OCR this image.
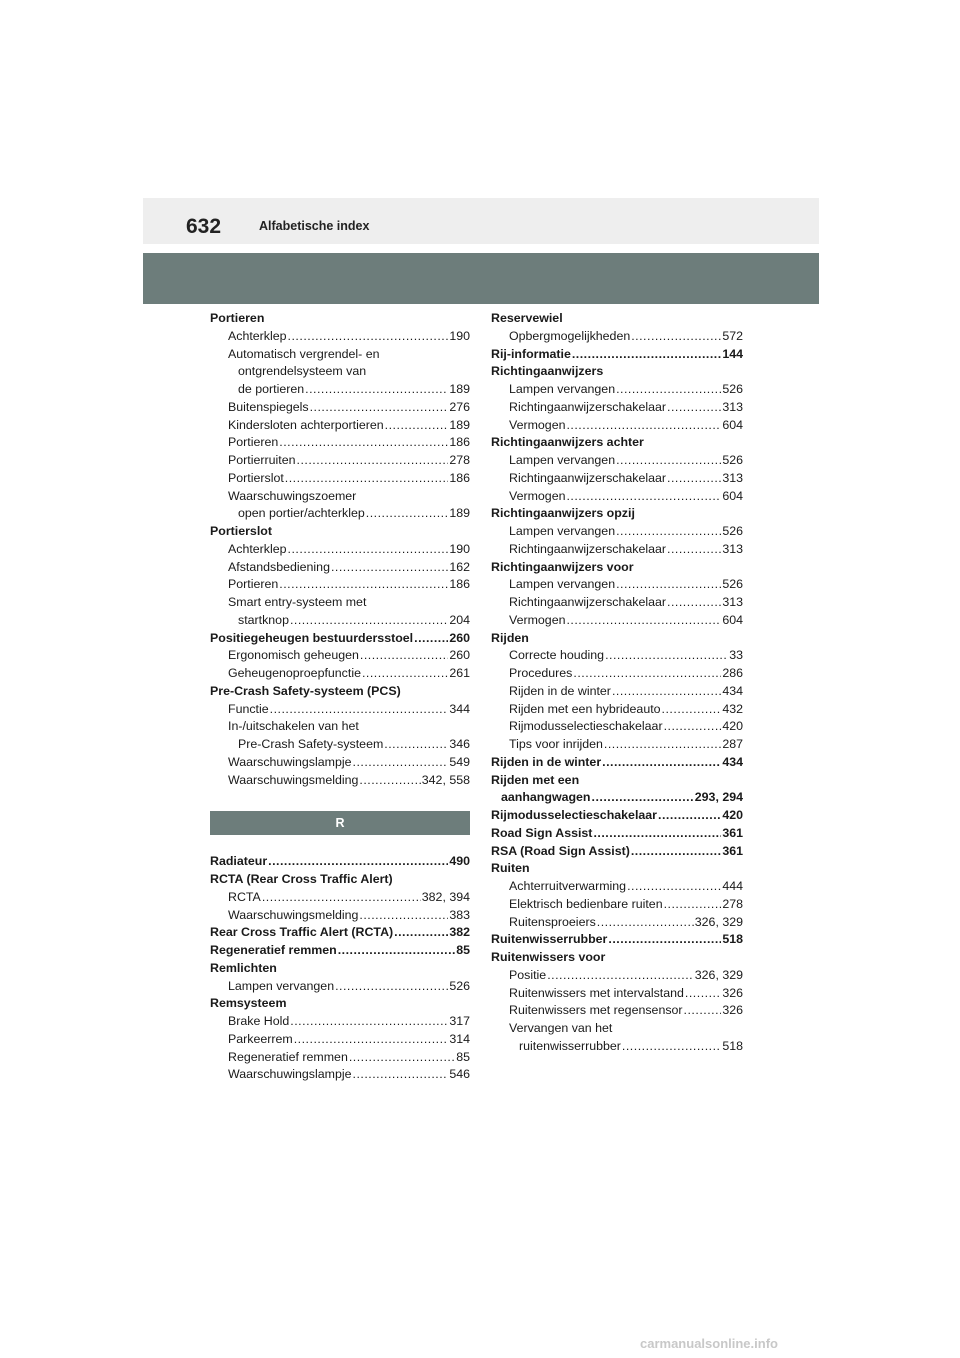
632	Alfabetische index
Portieren
Achterklep .....	190
Automatisch vergrendel- en
ontgrendelsysteem van
de portieren .....	189
Buitenspiegels .....	276
Kindersloten achterportieren .....	189
Portieren .....	186
Portierruiten .....	278
Portierslot .....	186
Waarschuwingszoemer
open portier/achterklep .....	189
Portierslot
Achterklep .....	190
Afstandsbediening .....	162
Portieren .....	186
Smart entry-systeem met
startknop .....	204
Positiegeheugen bestuurdersstoel .....	260
Ergonomisch geheugen .....	260
Geheugenoproepfunctie .....	261
Pre-Crash Safety-systeem (PCS)
Functie .....	344
In-/uitschakelen van het
Pre-Crash Safety-systeem .....	346
Waarschuwingslampje .....	549
Waarschuwingsmelding .....	342, 558
R
Radiateur .....	490
RCTA (Rear Cross Traffic Alert)
RCTA .....	382, 394
Waarschuwingsmelding .....	383
Rear Cross Traffic Alert (RCTA) .....	382
Regeneratief remmen .....	85
Remlichten
Lampen vervangen .....	526
Remsysteem
Brake Hold .....	317
Parkeerrem .....	314
Regeneratief remmen .....	85
Waarschuwingslampje .....	546
Reservewiel
Opbergmogelijkheden .....	572
Rij-informatie .....	144
Richtingaanwijzers
Lampen vervangen .....	526
Richtingaanwijzerschakelaar .....	313
Vermogen .....	604
Richtingaanwijzers achter
Lampen vervangen .....	526
Richtingaanwijzerschakelaar .....	313
Vermogen .....	604
Richtingaanwijzers opzij
Lampen vervangen .....	526
Richtingaanwijzerschakelaar .....	313
Richtingaanwijzers voor
Lampen vervangen .....	526
Richtingaanwijzerschakelaar .....	313
Vermogen .....	604
Rijden
Correcte houding .....	33
Procedures .....	286
Rijden in de winter .....	434
Rijden met een hybrideauto .....	432
Rijmodusselectieschakelaar .....	420
Tips voor inrijden .....	287
Rijden in de winter .....	434
Rijden met een
aanhangwagen .....	293, 294
Rijmodusselectieschakelaar .....	420
Road Sign Assist .....	361
RSA (Road Sign Assist) .....	361
Ruiten
Achterruitverwarming .....	444
Elektrisch bedienbare ruiten .....	278
Ruitensproeiers .....	326, 329
Ruitenwisserrubber .....	518
Ruitenwissers voor
Positie .....	326, 329
Ruitenwissers met intervalstand .....	326
Ruitenwissers met regensensor .....	326
Vervangen van het
ruitenwisserrubber .....	518
carmanualsonline.info
